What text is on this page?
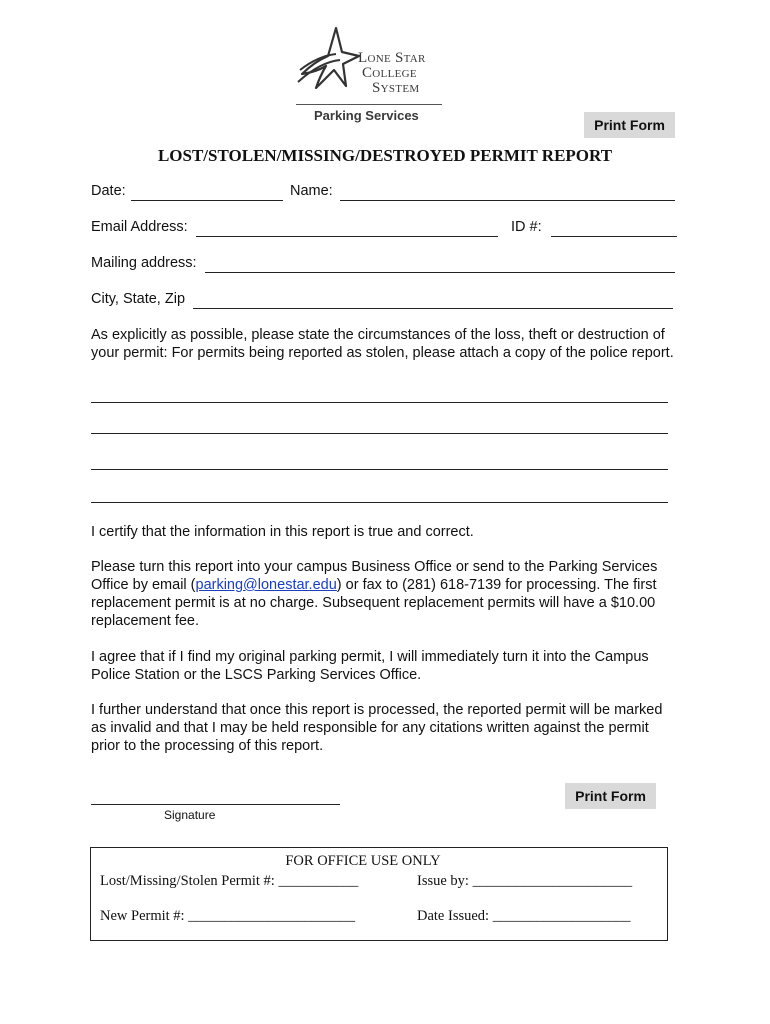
Lone Star
College
System
Parking Services
Print Form
LOST/STOLEN/MISSING/DESTROYED PERMIT REPORT
Date:	Name:
Email Address:	ID #:
Mailing address:
City, State, Zip
As explicitly as possible, please state the circumstances of the loss, theft or destruction of your permit: For permits being reported as stolen, please attach a copy of the police report.
I certify that the information in this report is true and correct.
Please turn this report into your campus Business Office or send to the Parking Services Office by email (parking@lonestar.edu) or fax to (281) 618-7139 for processing. The first replacement permit is at no charge. Subsequent replacement permits will have a $10.00 replacement fee.
I agree that if I find my original parking permit, I will immediately turn it into the Campus Police Station or the LSCS Parking Services Office.
I further understand that once this report is processed, the reported permit will be marked as invalid and that I may be held responsible for any citations written against the permit prior to the processing of this report.
Signature
Print Form
FOR OFFICE USE ONLY
Lost/Missing/Stolen Permit #: ___________	Issue by: ______________________
New Permit #: _______________________	Date Issued: ___________________
